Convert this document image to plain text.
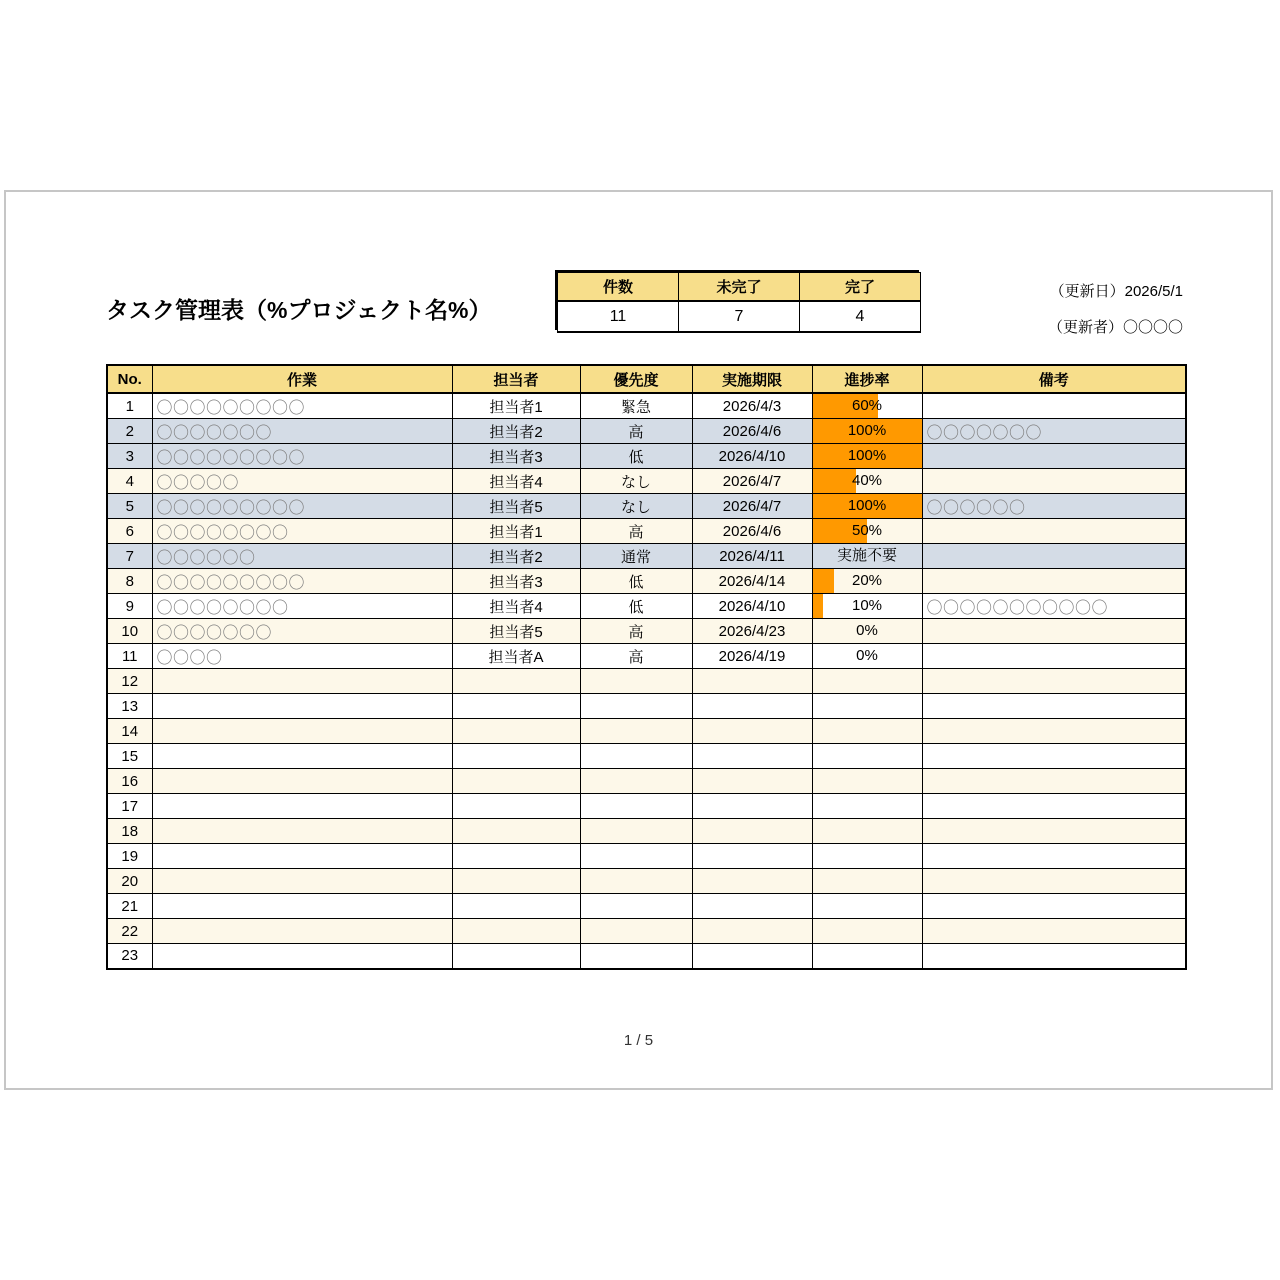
タスク管理表（%プロジェクト名%）
件数	未完了	完了
11	7	4
（更新日）2026/5/1
（更新者）〇〇〇〇
No.	作業	担当者	優先度	実施期限	進捗率	備考
1	〇〇〇〇〇〇〇〇〇	担当者1	緊急	2026/4/3	60%	

2	〇〇〇〇〇〇〇	担当者2	高	2026/4/6	100%	〇〇〇〇〇〇〇
3	〇〇〇〇〇〇〇〇〇	担当者3	低	2026/4/10	100%	

4	〇〇〇〇〇	担当者4	なし	2026/4/7	40%	

5	〇〇〇〇〇〇〇〇〇	担当者5	なし	2026/4/7	100%	〇〇〇〇〇〇
6	〇〇〇〇〇〇〇〇	担当者1	高	2026/4/6	50%	

7	〇〇〇〇〇〇	担当者2	通常	2026/4/11	実施不要	

8	〇〇〇〇〇〇〇〇〇	担当者3	低	2026/4/14	20%	

9	〇〇〇〇〇〇〇〇	担当者4	低	2026/4/10	10%	〇〇〇〇〇〇〇〇〇〇〇
10	〇〇〇〇〇〇〇	担当者5	高	2026/4/23	0%	

11	〇〇〇〇	担当者A	高	2026/4/19	0%	

12					

13					

14					

15					

16					

17					

18					

19					

20					

21					

22					

23					

1 / 5
